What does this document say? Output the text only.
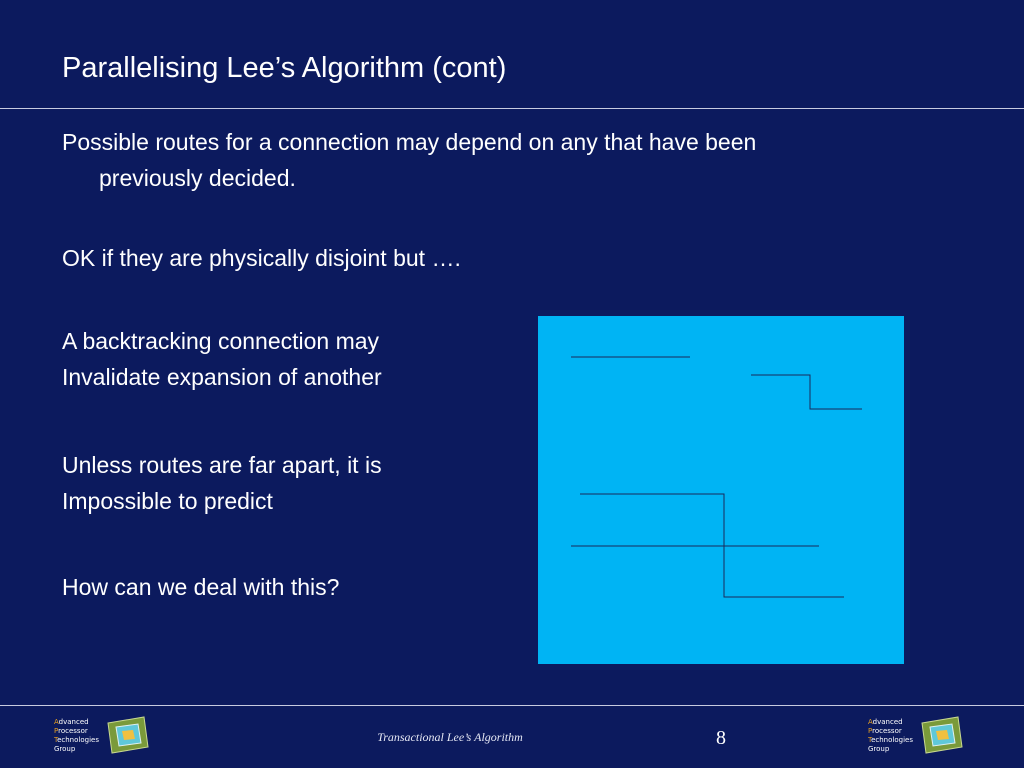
Parallelising Lee’s Algorithm (cont)
Possible routes for a connection may depend on any that have been
previously decided.
OK if they are physically disjoint but ….
A backtracking connection may
Invalidate expansion of another
Unless routes are far apart, it is
Impossible to predict
How can we deal with this?
Advanced
Processor
Technologies
Group
Transactional Lee’s Algorithm	8
Advanced
Processor
Technologies
Group
